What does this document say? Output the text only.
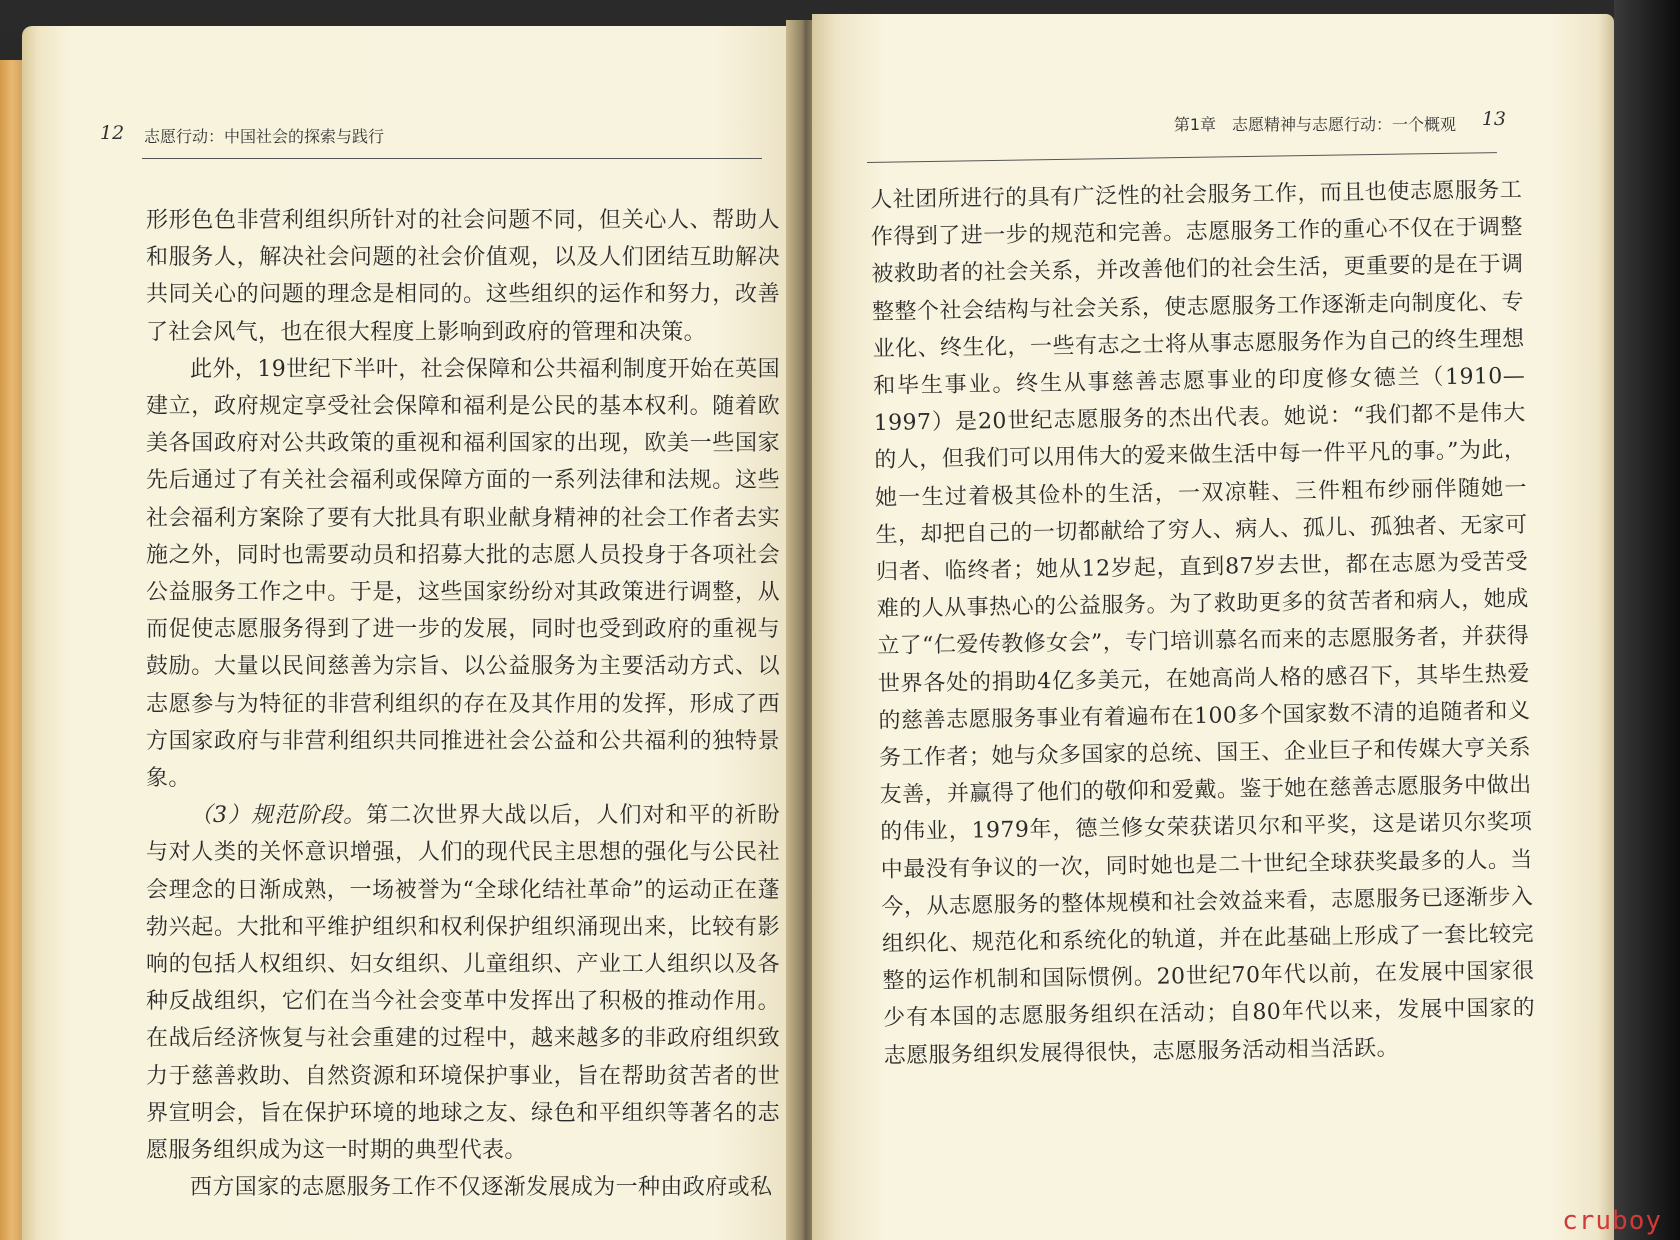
12 志愿行动：中国社会的探索与践行

形形色色非营利组织所针对的社会问题不同，但关心人、帮助人和服务人，解决社会问题的社会价值观，以及人们团结互助解决共同关心的问题的理念是相同的。这些组织的运作和努力，改善了社会风气，也在很大程度上影响到政府的管理和决策。

此外，19世纪下半叶，社会保障和公共福利制度开始在英国建立，政府规定享受社会保障和福利是公民的基本权利。随着欧美各国政府对公共政策的重视和福利国家的出现，欧美一些国家先后通过了有关社会福利或保障方面的一系列法律和法规。这些社会福利方案除了要有大批具有职业献身精神的社会工作者去实施之外，同时也需要动员和招募大批的志愿人员投身于各项社会公益服务工作之中。于是，这些国家纷纷对其政策进行调整，从而促使志愿服务得到了进一步的发展，同时也受到政府的重视与鼓励。大量以民间慈善为宗旨、以公益服务为主要活动方式、以志愿参与为特征的非营利组织的存在及其作用的发挥，形成了西方国家政府与非营利组织共同推进社会公益和公共福利的独特景象。

（3）规范阶段。第二次世界大战以后，人们对和平的祈盼与对人类的关怀意识增强，人们的现代民主思想的强化与公民社会理念的日渐成熟，一场被誉为“全球化结社革命”的运动正在蓬勃兴起。大批和平维护组织和权利保护组织涌现出来，比较有影响的包括人权组织、妇女组织、儿童组织、产业工人组织以及各种反战组织，它们在当今社会变革中发挥出了积极的推动作用。在战后经济恢复与社会重建的过程中，越来越多的非政府组织致力于慈善救助、自然资源和环境保护事业，旨在帮助贫苦者的世界宣明会，旨在保护环境的地球之友、绿色和平组织等著名的志愿服务组织成为这一时期的典型代表。

西方国家的志愿服务工作不仅逐渐发展成为一种由政府或私

第1章　志愿精神与志愿行动：一个概观 13

人社团所进行的具有广泛性的社会服务工作，而且也使志愿服务工作得到了进一步的规范和完善。志愿服务工作的重心不仅在于调整被救助者的社会关系，并改善他们的社会生活，更重要的是在于调整整个社会结构与社会关系，使志愿服务工作逐渐走向制度化、专业化、终生化，一些有志之士将从事志愿服务作为自己的终生理想和毕生事业。终生从事慈善志愿事业的印度修女德兰（1910—1997）是20世纪志愿服务的杰出代表。她说：“我们都不是伟大的人，但我们可以用伟大的爱来做生活中每一件平凡的事。”为此，她一生过着极其俭朴的生活，一双凉鞋、三件粗布纱丽伴随她一生，却把自己的一切都献给了穷人、病人、孤儿、孤独者、无家可归者、临终者；她从12岁起，直到87岁去世，都在志愿为受苦受难的人从事热心的公益服务。为了救助更多的贫苦者和病人，她成立了“仁爱传教修女会”，专门培训慕名而来的志愿服务者，并获得世界各处的捐助4亿多美元，在她高尚人格的感召下，其毕生热爱的慈善志愿服务事业有着遍布在100多个国家数不清的追随者和义务工作者；她与众多国家的总统、国王、企业巨子和传媒大亨关系友善，并赢得了他们的敬仰和爱戴。鉴于她在慈善志愿服务中做出的伟业，1979年，德兰修女荣获诺贝尔和平奖，这是诺贝尔奖项中最没有争议的一次，同时她也是二十世纪全球获奖最多的人。当今，从志愿服务的整体规模和社会效益来看，志愿服务已逐渐步入组织化、规范化和系统化的轨道，并在此基础上形成了一套比较完整的运作机制和国际惯例。20世纪70年代以前，在发展中国家很少有本国的志愿服务组织在活动；自80年代以来，发展中国家的志愿服务组织发展得很快，志愿服务活动相当活跃。

cruboy
